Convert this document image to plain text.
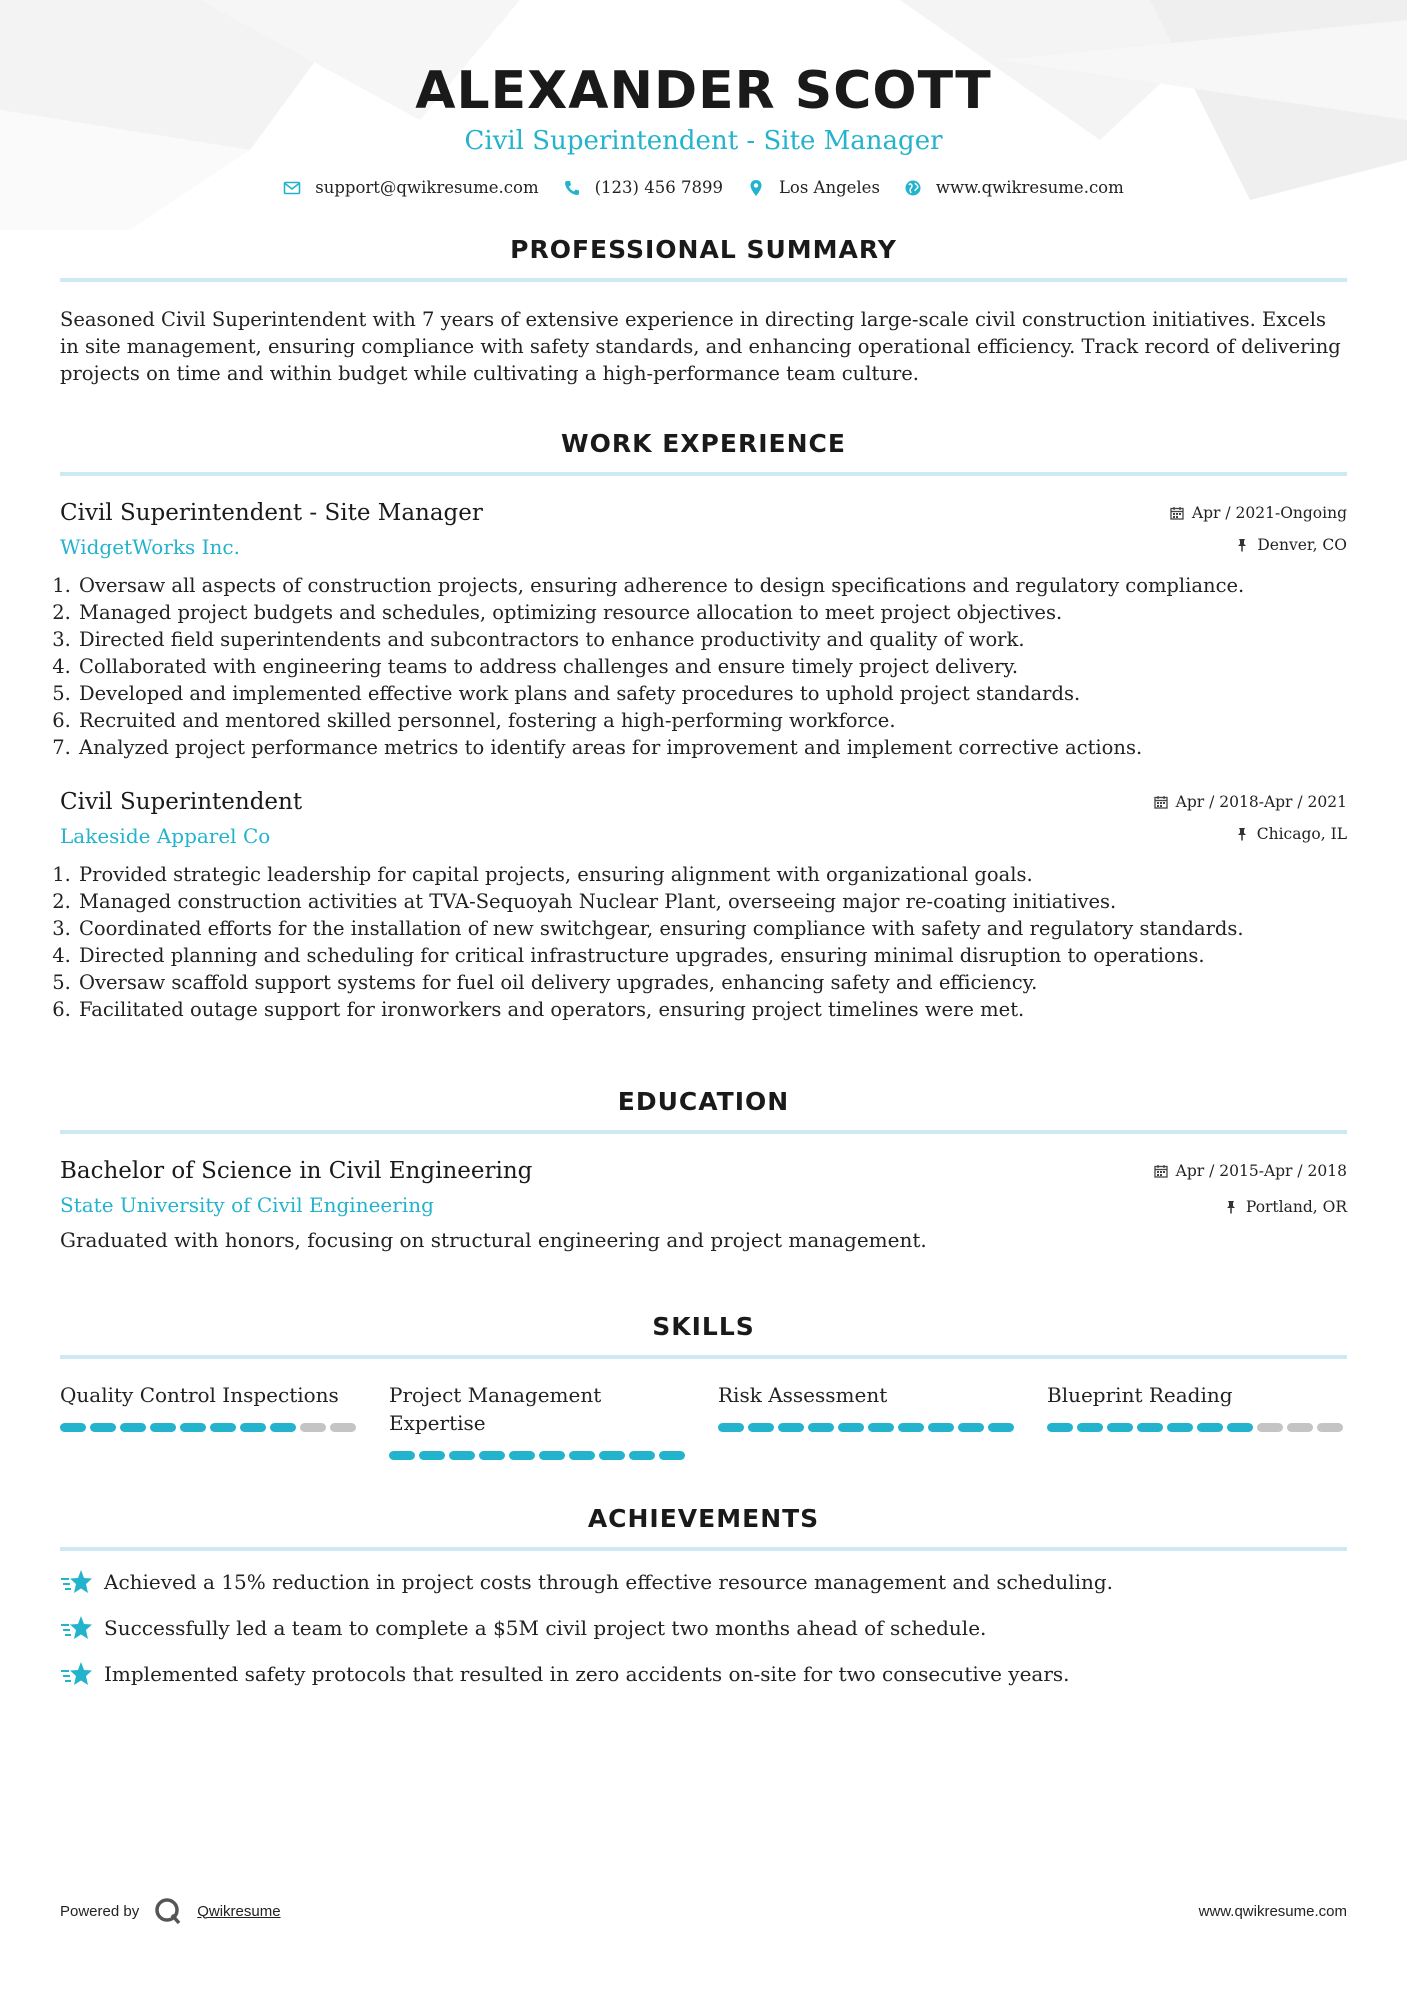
ALEXANDER SCOTT
Civil Superintendent - Site Manager
support@qwikresume.com	(123) 456 7899	Los Angeles	www.qwikresume.com
PROFESSIONAL SUMMARY

Seasoned Civil Superintendent with 7 years of extensive experience in directing large-scale civil construction initiatives. Excels in site management, ensuring compliance with safety standards, and enhancing operational efficiency. Track record of delivering projects on time and within budget while cultivating a high-performance team culture.

WORK EXPERIENCE
Civil Superintendent - Site Manager
WidgetWorks Inc.
Apr / 2021-Ongoing
Denver, CO
1. Oversaw all aspects of construction projects, ensuring adherence to design specifications and regulatory compliance.
2. Managed project budgets and schedules, optimizing resource allocation to meet project objectives.
3. Directed field superintendents and subcontractors to enhance productivity and quality of work.
4. Collaborated with engineering teams to address challenges and ensure timely project delivery.
5. Developed and implemented effective work plans and safety procedures to uphold project standards.
6. Recruited and mentored skilled personnel, fostering a high-performing workforce.
7. Analyzed project performance metrics to identify areas for improvement and implement corrective actions.
Civil Superintendent
Lakeside Apparel Co
Apr / 2018-Apr / 2021
Chicago, IL
1. Provided strategic leadership for capital projects, ensuring alignment with organizational goals.
2. Managed construction activities at TVA-Sequoyah Nuclear Plant, overseeing major re-coating initiatives.
3. Coordinated efforts for the installation of new switchgear, ensuring compliance with safety and regulatory standards.
4. Directed planning and scheduling for critical infrastructure upgrades, ensuring minimal disruption to operations.
5. Oversaw scaffold support systems for fuel oil delivery upgrades, enhancing safety and efficiency.
6. Facilitated outage support for ironworkers and operators, ensuring project timelines were met.
EDUCATION
Bachelor of Science in Civil Engineering
State University of Civil Engineering
Apr / 2015-Apr / 2018
Portland, OR
Graduated with honors, focusing on structural engineering and project management.
SKILLS
Quality Control Inspections	Project Management Expertise
Risk Assessment	Blueprint Reading
ACHIEVEMENTS
Achieved a 15% reduction in project costs through effective resource management and scheduling.
Successfully led a team to complete a $5M civil project two months ahead of schedule.
Implemented safety protocols that resulted in zero accidents on-site for two consecutive years.
Powered by	Qwikresume	www.qwikresume.com
